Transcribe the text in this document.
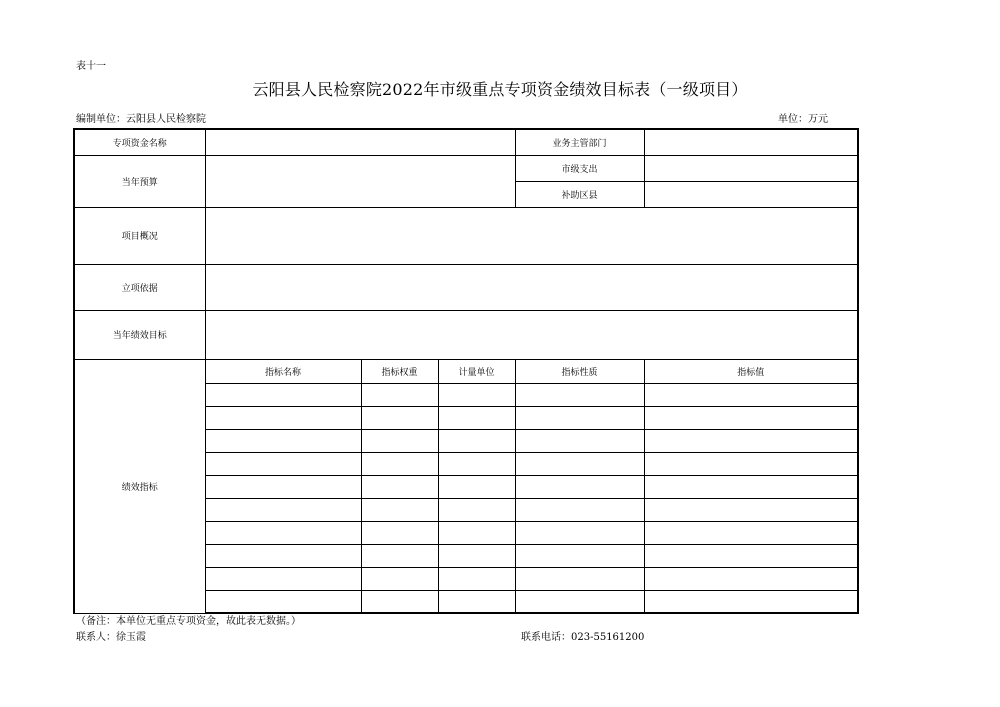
表十一
云阳县人民检察院2022年市级重点专项资金绩效目标表（一级项目）
编制单位：云阳县人民检察院	单位：万元
专项资金名称				业务主管部门	
当年预算				市级支出	
				补助区县	
项目概况					
立项依据					
当年绩效目标					
绩效指标	指标名称	指标权重	计量单位	指标性质	指标值

（备注：本单位无重点专项资金，故此表无数据。）
联系人：徐玉霞	联系电话：023-55161200
